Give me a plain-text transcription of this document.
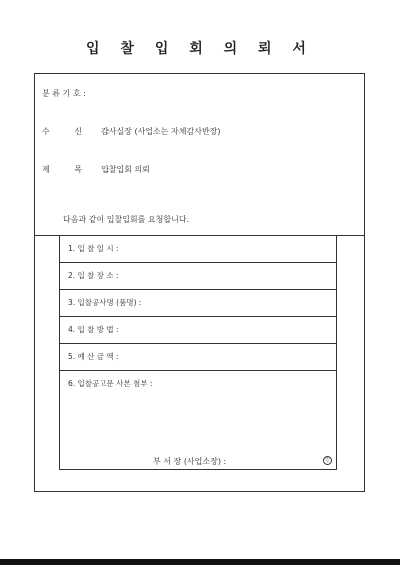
입 찰 입 회 의 뢰 서
분 류 기 호 :
수 신 :
감사실장 (사업소는 자체감사반장)
제 목 :
입찰입회 의뢰
다음과 같이 입찰입회를 요청합니다.
1. 입 찰 일 시 :
2. 입 찰 장 소 :
3. 입찰공사명 (품명) :
4. 입 찰 방 법 :
5. 예 산 금 액 :
6. 입찰공고문 사본 첨부 :
부 서 장 (사업소장) :	인
